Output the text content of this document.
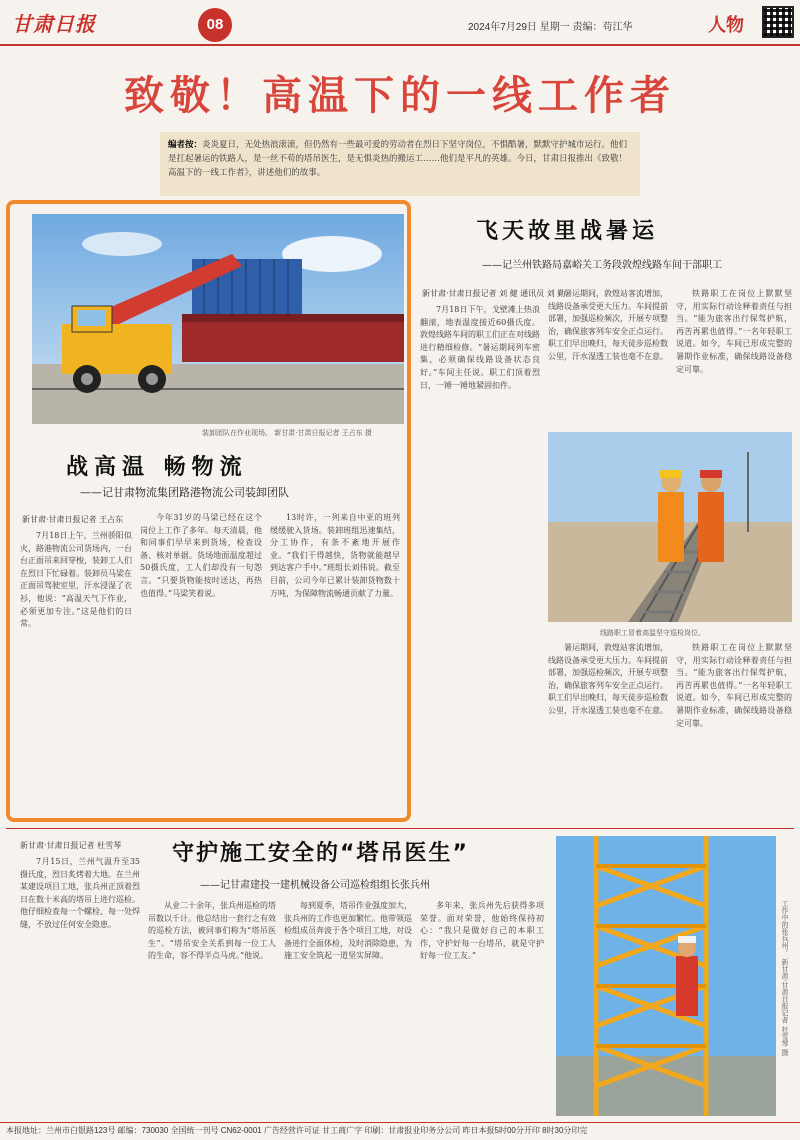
甘肃日报	08	2024年7月29日 星期一 责编：苟江华	人物
致敬！高温下的一线工作者
编者按：炎炎夏日，无处热浪滚滚，但仍然有一些最可爱的劳动者在烈日下坚守岗位，不惧酷暑，默默守护城市运行。他们是扛起暑运的铁路人，是一丝不苟的塔吊医生，是无惧炎热的搬运工……他们是平凡的英雄。今日，甘肃日报推出《致敬！高温下的一线工作者》，讲述他们的故事。
装卸团队在作业现场。 新甘肃·甘肃日报记者 王占东 摄
战高温 畅物流
——记甘肃物流集团路港物流公司装卸团队
新甘肃·甘肃日报记者 王占东

7月18日上午，兰州骄阳似火，路港物流公司货场内，一台台正面吊来回穿梭，装卸工人们在烈日下忙碌着。装卸员马梁在正面吊驾驶室里，汗水浸湿了衣衫，他说：“高温天气下作业，必须更加专注。”这是他们的日常。

今年31岁的马梁已经在这个岗位上工作了多年。每天清晨，他和同事们早早来到货场，检查设备、核对单据。货场地面温度超过50摄氏度，工人们却没有一句怨言。“只要货物能按时送达，再热也值得。”马梁笑着说。

13时许，一列来自中亚的班列缓缓驶入货场。装卸班组迅速集结，分工协作，有条不紊地开展作业。“我们干得越快，货物就能越早到达客户手中。”班组长刘伟说。截至目前，公司今年已累计装卸货物数十万吨，为保障物流畅通贡献了力量。

飞天故里战暑运
——记兰州铁路局嘉峪关工务段敦煌线路车间干部职工
新甘肃·甘肃日报记者 刘 健 通讯员 刘 勤

7月18日下午，戈壁滩上热浪翻滚，地表温度接近60摄氏度。敦煌线路车间的职工们正在对线路进行精细检修。“暑运期间列车密集，必须确保线路设备状态良好。”车间主任说。职工们顶着烈日，一锤一锤地紧固扣件。

暑运期间，敦煌站客流增加，线路设备承受更大压力。车间提前部署，加强巡检频次，开展专项整治，确保旅客列车安全正点运行。职工们早出晚归，每天徒步巡检数公里，汗水湿透工装也毫不在意。

铁路职工在岗位上默默坚守，用实际行动诠释着责任与担当。“能为旅客出行保驾护航，再苦再累也值得。”一名年轻职工说道。如今，车间已形成完整的暑期作业标准，确保线路设备稳定可靠。

线路职工冒着高温坚守巡检岗位。

暑运期间，敦煌站客流增加，线路设备承受更大压力。车间提前部署，加强巡检频次，开展专项整治，确保旅客列车安全正点运行。职工们早出晚归，每天徒步巡检数公里，汗水湿透工装也毫不在意。

铁路职工在岗位上默默坚守，用实际行动诠释着责任与担当。“能为旅客出行保驾护航，再苦再累也值得。”一名年轻职工说道。如今，车间已形成完整的暑期作业标准，确保线路设备稳定可靠。

新甘肃·甘肃日报记者 杜雪琴 守护施工安全的“塔吊医生”
——记甘肃建投一建机械设备公司巡检组组长张兵州

7月15日，兰州气温升至35摄氏度，烈日炙烤着大地。在兰州某建设项目工地，张兵州正顶着烈日在数十米高的塔吊上进行巡检。他仔细检查每一个螺栓、每一处焊缝，不放过任何安全隐患。

从业二十余年，张兵州巡检的塔吊数以千计。他总结出一套行之有效的巡检方法，被同事们称为“塔吊医生”。“塔吊安全关系到每一位工人的生命，容不得半点马虎。”他说。

每到夏季，塔吊作业强度加大，张兵州的工作也更加繁忙。他带领巡检组成员奔波于各个项目工地，对设备进行全面体检，及时消除隐患，为施工安全筑起一道坚实屏障。

多年来，张兵州先后获得多项荣誉。面对荣誉，他始终保持初心：“我只是做好自己的本职工作，守护好每一台塔吊，就是守护好每一位工友。”	工作中的张兵州。 新甘肃·甘肃日报记者 杜雪琴 摄
本报地址：兰州市白银路123号 邮编：730030 全国统一刊号 CN62-0001 广告经营许可证 甘工商广字 印刷：甘肃报业印务分公司 昨日本报5时00分开印 8时30分印完
